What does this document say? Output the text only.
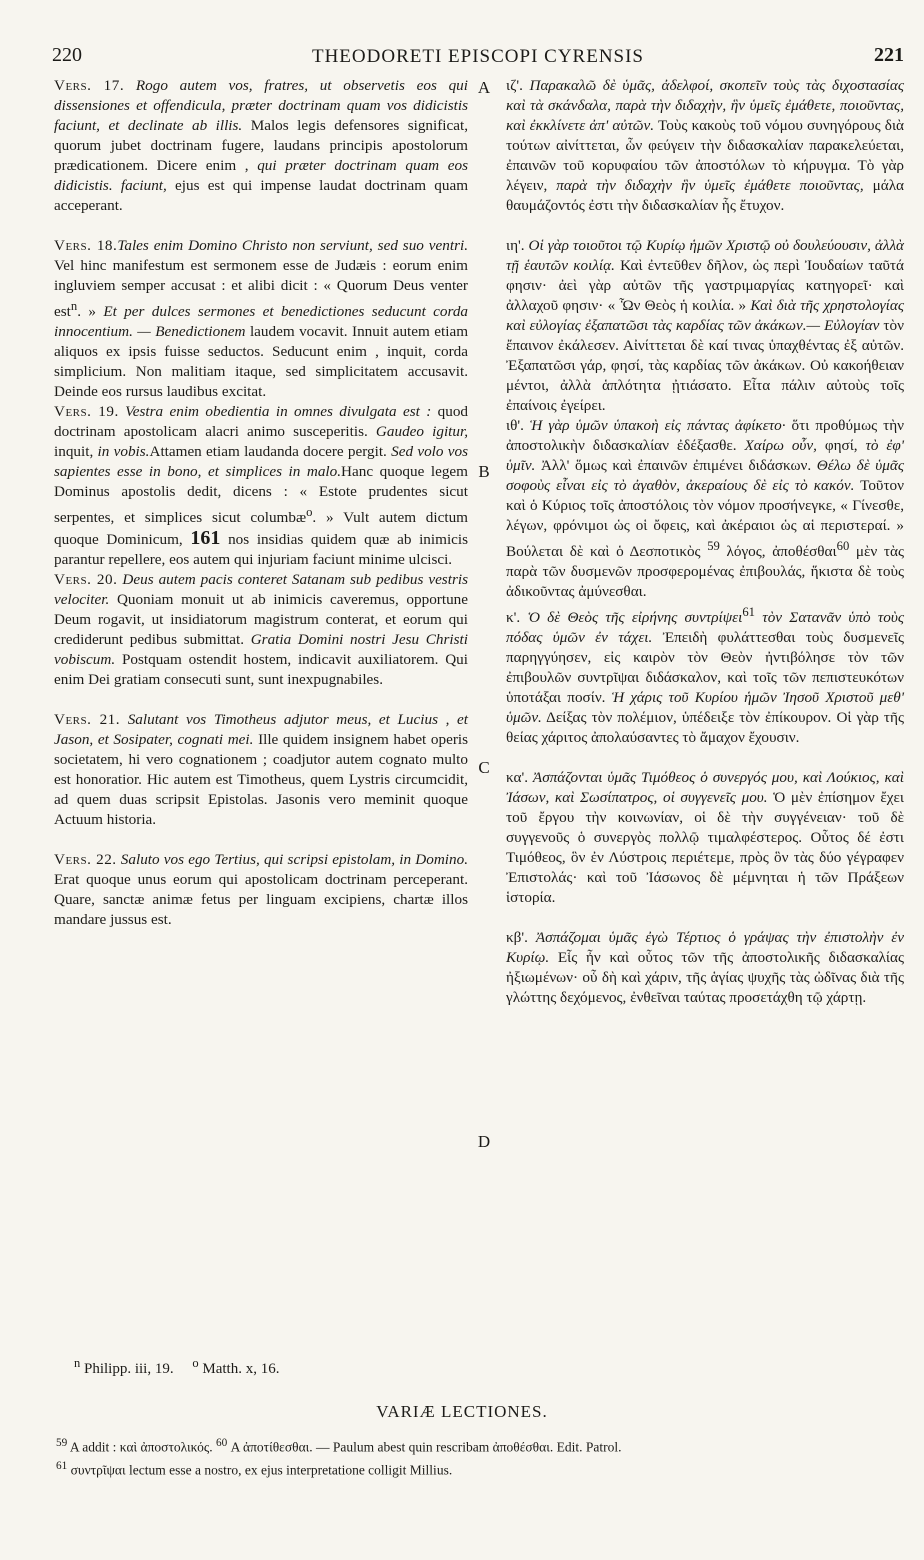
220	THEODORETI EPISCOPI CYRENSIS	221
A
B
C
D

Vers. 17. Rogo autem vos, fratres, ut observetis eos qui dissensiones et offendicula, præter doctrinam quam vos didicistis faciunt, et declinate ab illis. Malos legis defensores significat, quorum jubet doctrinam fugere, laudans principis apostolorum prædicationem. Dicere enim , qui præter doctrinam quam eos didicistis. faciunt, ejus est qui impense laudat doctrinam quam acceperant.

Vers. 18.Tales enim Domino Christo non serviunt, sed suo ventri. Vel hinc manifestum est sermonem esse de Judæis : eorum enim ingluviem semper accusat : et alibi dicit : « Quorum Deus venter est$^n$. » Et per dulces sermones et benedictiones seducunt corda innocentium. — Benedictionem laudem vocavit. Innuit autem etiam aliquos ex ipsis fuisse seductos. Seducunt enim , inquit, corda simplicium. Non malitiam itaque, sed simplicitatem accusavit. Deinde eos rursus laudibus excitat.

Vers. 19. Vestra enim obedientia in omnes divulgata est : quod doctrinam apostolicam alacri animo susceperitis. Gaudeo igitur, inquit, in vobis.Attamen etiam laudanda docere pergit. Sed volo vos sapientes esse in bono, et simplices in malo.Hanc quoque legem Dominus apostolis dedit, dicens : « Estote prudentes sicut serpentes, et simplices sicut columbæ$^o$. » Vult autem dictum quoque Dominicum, 161 nos insidias quidem quæ ab inimicis parantur repellere, eos autem qui injuriam faciunt minime ulcisci.

Vers. 20. Deus autem pacis conteret Satanam sub pedibus vestris velociter. Quoniam monuit ut ab inimicis caveremus, opportune Deum rogavit, ut insidiatorum magistrum conterat, et eorum qui crediderunt pedibus submittat. Gratia Domini nostri Jesu Christi vobiscum. Postquam ostendit hostem, indicavit auxiliatorem. Qui enim Dei gratiam consecuti sunt, sunt inexpugnabiles.

Vers. 21. Salutant vos Timotheus adjutor meus, et Lucius , et Jason, et Sosipater, cognati mei. Ille quidem insignem habet operis societatem, hi vero cognationem ; coadjutor autem cognato multo est honoratior. Hic autem est Timotheus, quem Lystris circumcidit, ad quem duas scripsit Epistolas. Jasonis vero meminit quoque Actuum historia.

Vers. 22. Saluto vos ego Tertius, qui scripsi epistolam, in Domino. Erat quoque unus eorum qui apostolicam doctrinam perceperant. Quare, sanctæ animæ fetus per linguam excipiens, chartæ illos mandare jussus est.

ιζ'. Παρακαλῶ δὲ ὑμᾶς, ἀδελφοί, σκοπεῖν τοὺς τὰς διχοστασίας καὶ τὰ σκάνδαλα, παρὰ τὴν διδαχὴν, ἣν ὑμεῖς ἐμάθετε, ποιοῦντας, καὶ ἐκκλίνετε ἀπ' αὐτῶν. Τοὺς κακοὺς τοῦ νόμου συνηγόρους διὰ τούτων αἰνίττεται, ὧν φεύγειν τὴν διδασκαλίαν παρακελεύεται, ἐπαινῶν τοῦ κορυφαίου τῶν ἀποστόλων τὸ κήρυγμα. Τὸ γὰρ λέγειν, παρὰ τὴν διδαχὴν ἣν ὑμεῖς ἐμάθετε ποιοῦντας, μάλα θαυμάζοντός ἐστι τὴν διδασκαλίαν ἧς ἔτυχον.

ιη'. Οἱ γὰρ τοιοῦτοι τῷ Κυρίῳ ἡμῶν Χριστῷ οὐ δουλεύουσιν, ἀλλὰ τῇ ἑαυτῶν κοιλίᾳ. Καὶ ἐντεῦθεν δῆλον, ὡς περὶ Ἰουδαίων ταῦτά φησιν· ἀεὶ γὰρ αὐτῶν τῆς γαστριμαργίας κατηγορεῖ· καὶ ἀλλαχοῦ φησιν· « Ὧν Θεὸς ἡ κοιλία. » Καὶ διὰ τῆς χρηστολογίας καὶ εὐλογίας ἐξαπατῶσι τὰς καρδίας τῶν ἀκάκων.— Εὐλογίαν τὸν ἔπαινον ἐκάλεσεν. Αἰνίττεται δὲ καί τινας ὑπαχθέντας ἐξ αὐτῶν. Ἐξαπατῶσι γάρ, φησί, τὰς καρδίας τῶν ἀκάκων. Οὐ κακοήθειαν μέντοι, ἀλλὰ ἁπλότητα ᾐτιάσατο. Εἶτα πάλιν αὐτοὺς τοῖς ἐπαίνοις ἐγείρει.

ιθ'. Ἡ γὰρ ὑμῶν ὑπακοὴ εἰς πάντας ἀφίκετο· ὅτι προθύμως τὴν ἀποστολικὴν διδασκαλίαν ἐδέξασθε. Χαίρω οὖν, φησί, τὸ ἐφ' ὑμῖν. Ἀλλ' ὅμως καὶ ἐπαινῶν ἐπιμένει διδάσκων. Θέλω δὲ ὑμᾶς σοφοὺς εἶναι εἰς τὸ ἀγαθὸν, ἀκεραίους δὲ εἰς τὸ κακόν. Τοῦτον καὶ ὁ Κύριος τοῖς ἀποστόλοις τὸν νόμον προσήνεγκε, « Γίνεσθε, λέγων, φρόνιμοι ὡς οἱ ὄφεις, καὶ ἀκέραιοι ὡς αἱ περιστεραί. » Βούλεται δὲ καὶ ὁ Δεσποτικὸς $^{59}$ λόγος, ἀποθέσθαι$^{60}$ μὲν τὰς παρὰ τῶν δυσμενῶν προσφερομένας ἐπιβουλάς, ἥκιστα δὲ τοὺς ἀδικοῦντας ἀμύνεσθαι.

κ'. Ὁ δὲ Θεὸς τῆς εἰρήνης συντρίψει$^{61}$ τὸν Σατανᾶν ὑπὸ τοὺς πόδας ὑμῶν ἐν τάχει. Ἐπειδὴ φυλάττεσθαι τοὺς δυσμενεῖς παρηγγύησεν, εἰς καιρὸν τὸν Θεὸν ἠντιβόλησε τὸν τῶν ἐπιβουλῶν συντρῖψαι διδάσκαλον, καὶ τοῖς τῶν πεπιστευκότων ὑποτάξαι ποσίν. Ἡ χάρις τοῦ Κυρίου ἡμῶν Ἰησοῦ Χριστοῦ μεθ' ὑμῶν. Δείξας τὸν πολέμιον, ὑπέδειξε τὸν ἐπίκουρον. Οἱ γὰρ τῆς θείας χάριτος ἀπολαύσαντες τὸ ἄμαχον ἔχουσιν.

κα'. Ἀσπάζονται ὑμᾶς Τιμόθεος ὁ συνεργός μου, καὶ Λούκιος, καὶ Ἰάσων, καὶ Σωσίπατρος, οἱ συγγενεῖς μου. Ὁ μὲν ἐπίσημον ἔχει τοῦ ἔργου τὴν κοινωνίαν, οἱ δὲ τὴν συγγένειαν· τοῦ δὲ συγγενοῦς ὁ συνεργὸς πολλῷ τιμαλφέστερος. Οὗτος δέ ἐστι Τιμόθεος, ὃν ἐν Λύστροις περιέτεμε, πρὸς ὃν τὰς δύο γέγραφεν Ἐπιστολάς· καὶ τοῦ Ἰάσωνος δὲ μέμνηται ἡ τῶν Πράξεων ἱστορία.

κβ'. Ἀσπάζομαι ὑμᾶς ἐγὼ Τέρτιος ὁ γράψας τὴν ἐπιστολὴν ἐν Κυρίῳ. Εἷς ἦν καὶ οὗτος τῶν τῆς ἀποστολικῆς διδασκαλίας ἠξιωμένων· οὗ δὴ καὶ χάριν, τῆς ἁγίας ψυχῆς τὰς ὠδῖνας διὰ τῆς γλώττης δεχόμενος, ἐνθεῖναι ταύτας προσετάχθη τῷ χάρτῃ.

$^n$ Philipp. iii, 19. $^o$ Matth. x, 16.
VARIÆ LECTIONES.
$^{59}$ A addit : καὶ ἀποστολικός. $^{60}$ A ἀποτίθεσθαι. — Paulum abest quin rescribam ἀποθέσθαι. Edit. Patrol.
$^{61}$ συντρῖψαι lectum esse a nostro, ex ejus interpretatione colligit Millius.
